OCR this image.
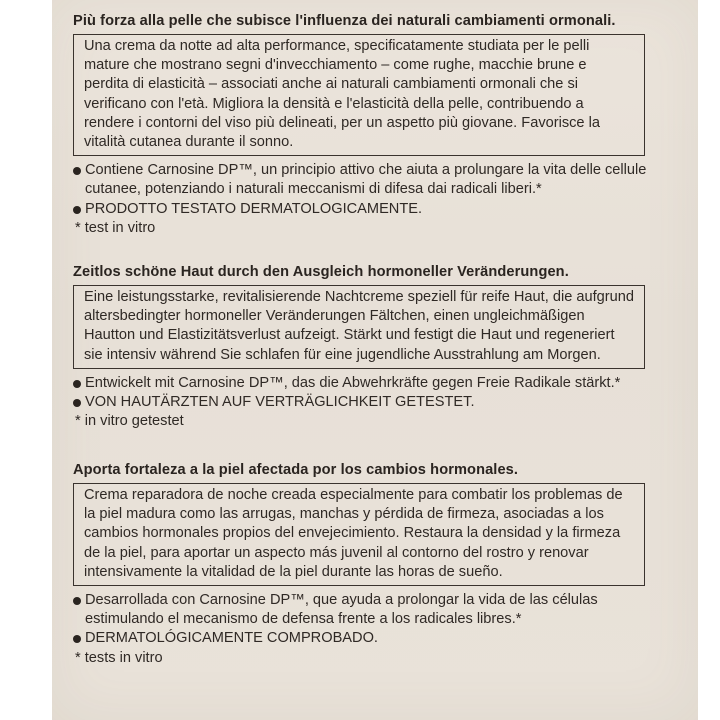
Più forza alla pelle che subisce l'influenza dei naturali cambiamenti ormonali.

Una crema da notte ad alta performance, specificatamente studiata per le pelli mature che mostrano segni d'invecchiamento – come rughe, macchie brune e perdita di elasticità – associati anche ai naturali cambiamenti ormonali che si verificano con l'età. Migliora la densità e l'elasticità della pelle, contribuendo a rendere i contorni del viso più delineati, per un aspetto più giovane. Favorisce la vitalità cutanea durante il sonno.
Contiene Carnosine DP™, un principio attivo che aiuta a prolungare la vita delle cellule cutanee, potenziando i naturali meccanismi di difesa dai radicali liberi.*
PRODOTTO TESTATO DERMATOLOGICAMENTE.
* test in vitro

Zeitlos schöne Haut durch den Ausgleich hormoneller Veränderungen.

Eine leistungsstarke, revitalisierende Nachtcreme speziell für reife Haut, die aufgrund altersbedingter hormoneller Veränderungen Fältchen, einen ungleichmäßigen Hautton und Elastizitätsverlust aufzeigt. Stärkt und festigt die Haut und regeneriert sie intensiv während Sie schlafen für eine jugendliche Ausstrahlung am Morgen.
Entwickelt mit Carnosine DP™, das die Abwehrkräfte gegen Freie Radikale stärkt.*
VON HAUTÄRZTEN AUF VERTRÄGLICHKEIT GETESTET.
* in vitro getestet

Aporta fortaleza a la piel afectada por los cambios hormonales.

Crema reparadora de noche creada especialmente para combatir los problemas de la piel madura como las arrugas, manchas y pérdida de firmeza, asociadas a los cambios hormonales propios del envejecimiento. Restaura la densidad y la firmeza de la piel, para aportar un aspecto más juvenil al contorno del rostro y renovar intensivamente la vitalidad de la piel durante las horas de sueño.
Desarrollada con Carnosine DP™, que ayuda a prolongar la vida de las células estimulando el mecanismo de defensa frente a los radicales libres.*
DERMATOLÓGICAMENTE COMPROBADO.
* tests in vitro
